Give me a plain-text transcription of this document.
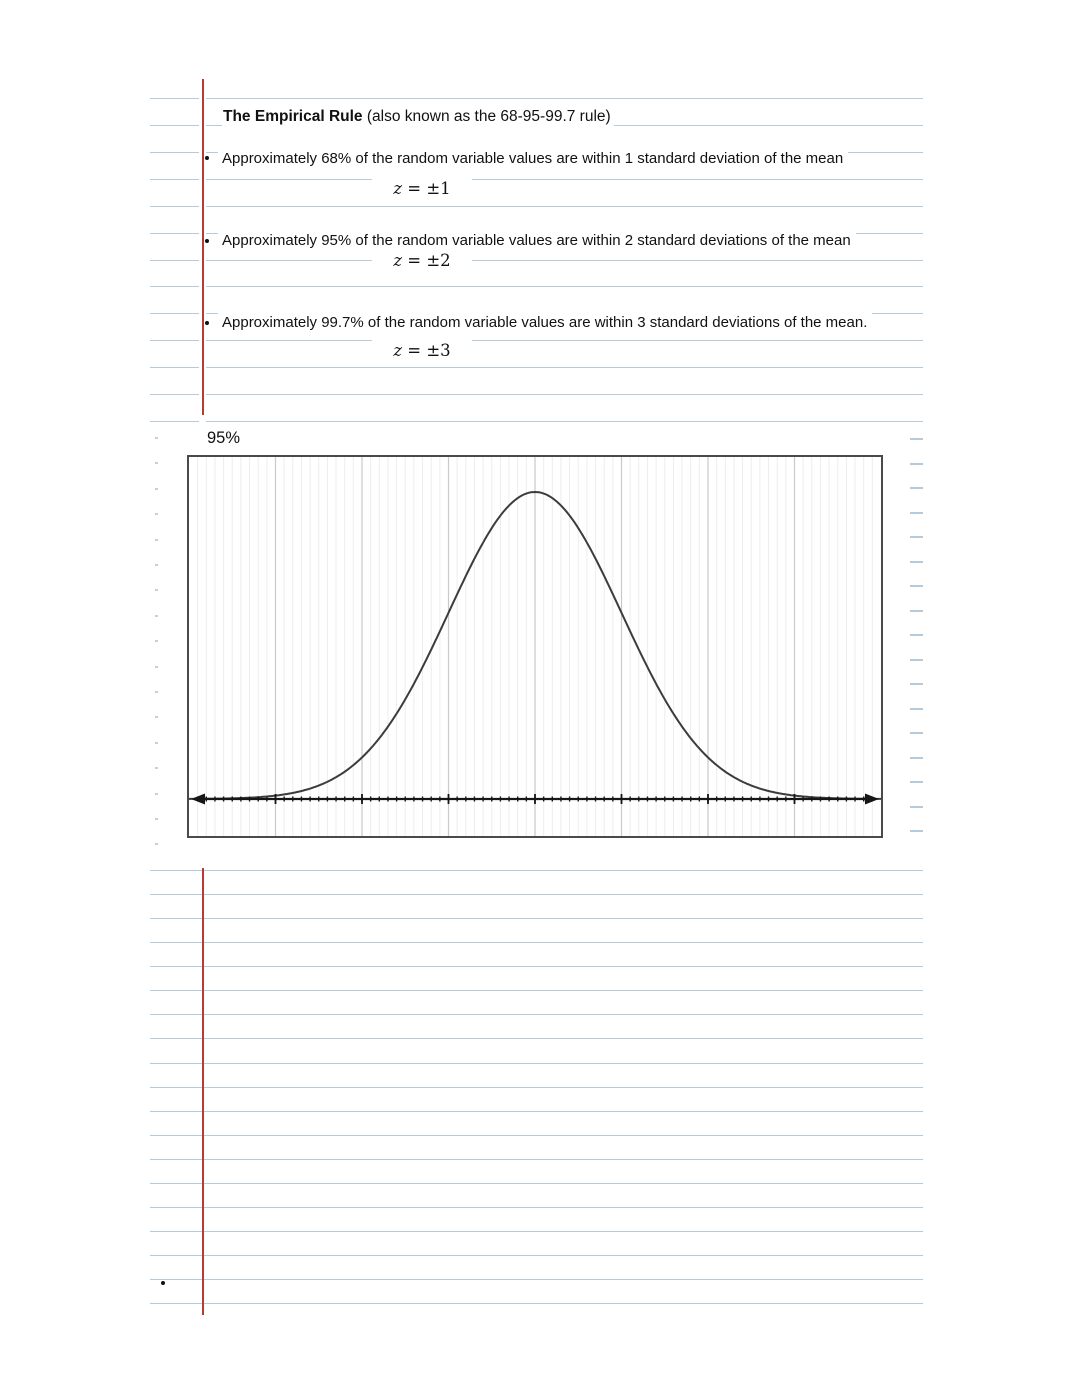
The Empirical Rule (also known as the 68-95-99.7 rule)
Approximately 68% of the random variable values are within 1 standard deviation of the mean
z = ±1
Approximately 95% of the random variable values are within 2 standard deviations of the mean
z = ±2
Approximately 99.7% of the random variable values are within 3 standard deviations of the mean.
z = ±3
95%
